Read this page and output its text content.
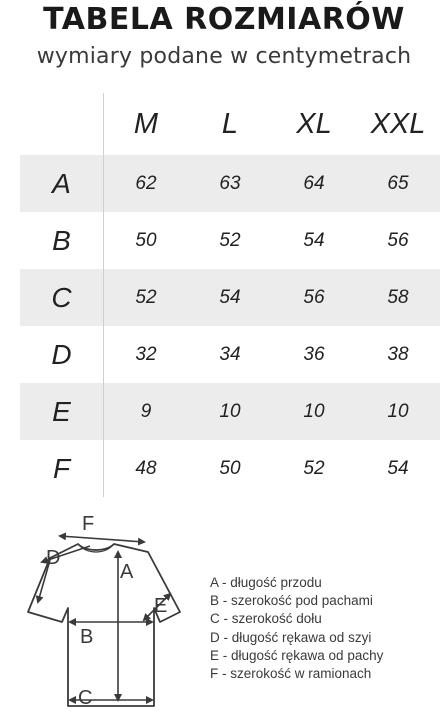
TABELA ROZMIARÓW
wymiary podane w centymetrach
M	L	XL	XXL
A	62	63	64	65
B	50	52	54	56
C	52	54	56	58
D	32	34	36	38
E	9	10	10	10
F	48	50	52	54
F
D
A
B
E
C
A - długość przodu
B - szerokość pod pachami
C - szerokość dołu
D - długość rękawa od szyi
E - długość rękawa od pachy
F - szerokość w ramionach
